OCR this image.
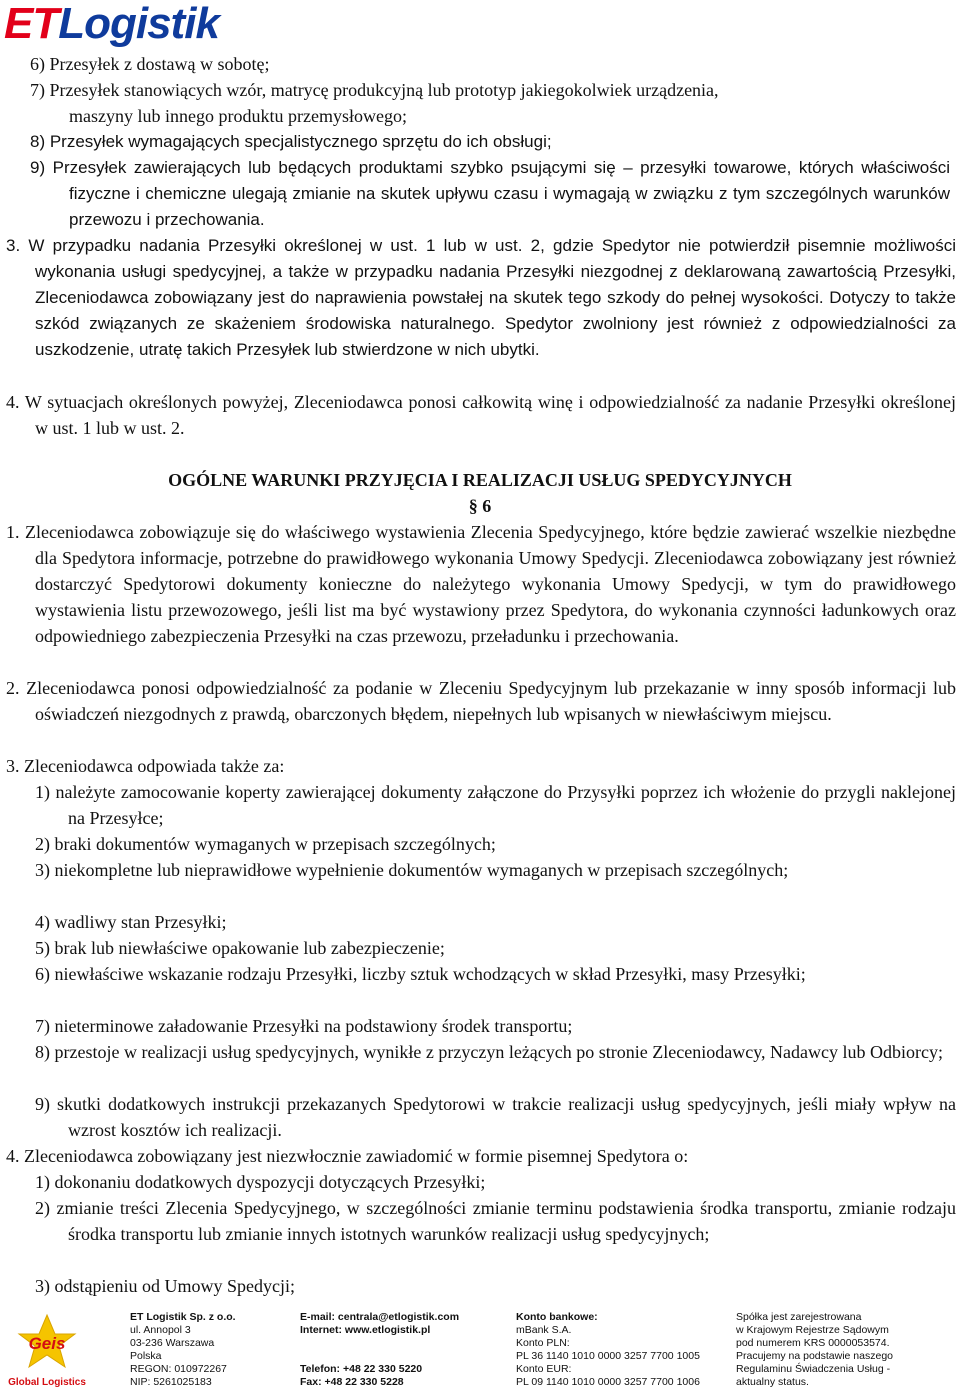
ETLogistik
6) Przesyłek z dostawą w sobotę;
7) Przesyłek stanowiących wzór, matrycę produkcyjną lub prototyp jakiegokolwiek urządzenia,
maszyny lub innego produktu przemysłowego;
8) Przesyłek wymagających specjalistycznego sprzętu do ich obsługi;
9) Przesyłek zawierających lub będących produktami szybko psującymi się – przesyłki towarowe, których właściwości fizyczne i chemiczne ulegają zmianie na skutek upływu czasu i wymagają w związku z tym szczególnych warunków przewozu i przechowania.
3. W przypadku nadania Przesyłki określonej w ust. 1 lub w ust. 2, gdzie Spedytor nie potwierdził pisemnie możliwości wykonania usługi spedycyjnej, a także w przypadku nadania Przesyłki niezgodnej z deklarowaną zawartością Przesyłki, Zleceniodawca zobowiązany jest do naprawienia powstałej na skutek tego szkody do pełnej wysokości. Dotyczy to także szkód związanych ze skażeniem środowiska naturalnego. Spedytor zwolniony jest również z odpowiedzialności za uszkodzenie, utratę takich Przesyłek lub stwierdzone w nich ubytki.
4. W sytuacjach określonych powyżej, Zleceniodawca ponosi całkowitą winę i odpowiedzialność za nadanie Przesyłki określonej w ust. 1 lub w ust. 2.
OGÓLNE WARUNKI PRZYJĘCIA I REALIZACJI USŁUG SPEDYCYJNYCH
§ 6
1. Zleceniodawca zobowiązuje się do właściwego wystawienia Zlecenia Spedycyjnego, które będzie zawierać wszelkie niezbędne dla Spedytora informacje, potrzebne do prawidłowego wykonania Umowy Spedycji. Zleceniodawca zobowiązany jest również dostarczyć Spedytorowi dokumenty konieczne do należytego wykonania Umowy Spedycji, w tym do prawidłowego wystawienia listu przewozowego, jeśli list ma być wystawiony przez Spedytora, do wykonania czynności ładunkowych oraz odpowiedniego zabezpieczenia Przesyłki na czas przewozu, przeładunku i przechowania.
2. Zleceniodawca ponosi odpowiedzialność za podanie w Zleceniu Spedycyjnym lub przekazanie w inny sposób informacji lub oświadczeń niezgodnych z prawdą, obarczonych błędem, niepełnych lub wpisanych w niewłaściwym miejscu.
3. Zleceniodawca odpowiada także za:
1) należyte zamocowanie koperty zawierającej dokumenty załączone do Przysyłki poprzez ich włożenie do przygli naklejonej na Przesyłce;
2) braki dokumentów wymaganych w przepisach szczególnych;
3) niekompletne lub nieprawidłowe wypełnienie dokumentów wymaganych w przepisach szczególnych;
4) wadliwy stan Przesyłki;
5) brak lub niewłaściwe opakowanie lub zabezpieczenie;
6) niewłaściwe wskazanie rodzaju Przesyłki, liczby sztuk wchodzących w skład Przesyłki, masy Przesyłki;
7) nieterminowe załadowanie Przesyłki na podstawiony środek transportu;
8) przestoje w realizacji usług spedycyjnych, wynikłe z przyczyn leżących po stronie Zleceniodawcy, Nadawcy lub Odbiorcy;
9) skutki dodatkowych instrukcji przekazanych Spedytorowi w trakcie realizacji usług spedycyjnych, jeśli miały wpływ na wzrost kosztów ich realizacji.
4. Zleceniodawca zobowiązany jest niezwłocznie zawiadomić w formie pisemnej Spedytora o:
1) dokonaniu dodatkowych dyspozycji dotyczących Przesyłki;
2) zmianie treści Zlecenia Spedycyjnego, w szczególności zmianie terminu podstawienia środka transportu, zmianie rodzaju środka transportu lub zmianie innych istotnych warunków realizacji usług spedycyjnych;
3) odstąpieniu od Umowy Spedycji;
Geis
Global Logistics
ET Logistik Sp. z o.o.
ul. Annopol 3
03-236 Warszawa
Polska
REGON: 010972267
NIP: 5261025183
E-mail: centrala@etlogistik.com
Internet: www.etlogistik.pl

Telefon: +48 22 330 5220
Fax: +48 22 330 5228
Konto bankowe:
mBank S.A.
Konto PLN:
PL 36 1140 1010 0000 3257 7700 1005
Konto EUR:
PL 09 1140 1010 0000 3257 7700 1006
Spółka jest zarejestrowana
w Krajowym Rejestrze Sądowym
pod numerem KRS 0000053574.
Pracujemy na podstawie naszego
Regulaminu Świadczenia Usług -
aktualny status.
